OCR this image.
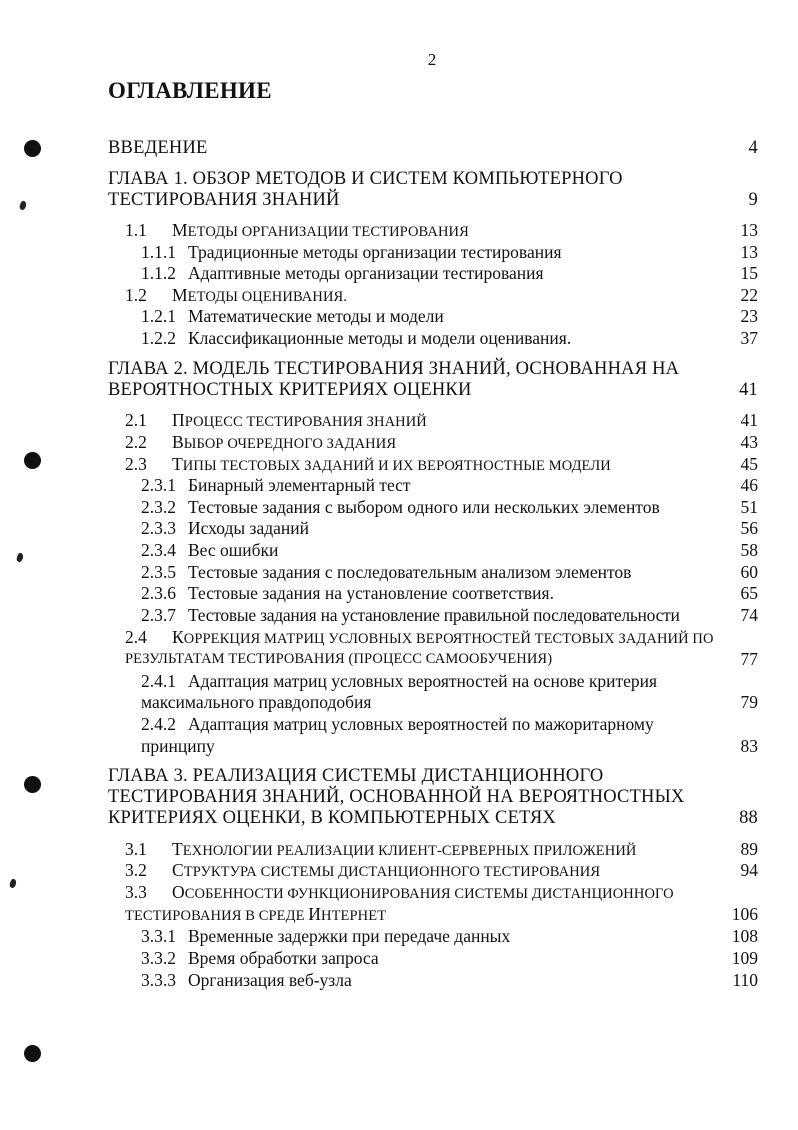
2
ОГЛАВЛЕНИЕ
ВВЕДЕНИЕ	4
ГЛАВА 1. ОБЗОР МЕТОДОВ И СИСТЕМ КОМПЬЮТЕРНОГО
ТЕСТИРОВАНИЯ ЗНАНИЙ	9
1.1 МЕТОДЫ ОРГАНИЗАЦИИ ТЕСТИРОВАНИЯ	13
1.1.1 Традиционные методы организации тестирования	13
1.1.2 Адаптивные методы организации тестирования	15
1.2 МЕТОДЫ ОЦЕНИВАНИЯ.	22
1.2.1 Математические методы и модели	23
1.2.2 Классификационные методы и модели оценивания.	37
ГЛАВА 2. МОДЕЛЬ ТЕСТИРОВАНИЯ ЗНАНИЙ, ОСНОВАННАЯ НА
ВЕРОЯТНОСТНЫХ КРИТЕРИЯХ ОЦЕНКИ	41
2.1 ПРОЦЕСС ТЕСТИРОВАНИЯ ЗНАНИЙ	41
2.2 ВЫБОР ОЧЕРЕДНОГО ЗАДАНИЯ	43
2.3 ТИПЫ ТЕСТОВЫХ ЗАДАНИЙ И ИХ ВЕРОЯТНОСТНЫЕ МОДЕЛИ	45
2.3.1 Бинарный элементарный тест	46
2.3.2 Тестовые задания с выбором одного или нескольких элементов	51
2.3.3 Исходы заданий	56
2.3.4 Вес ошибки	58
2.3.5 Тестовые задания с последовательным анализом элементов	60
2.3.6 Тестовые задания на установление соответствия.	65
2.3.7 Тестовые задания на установление правильной последовательности	74
2.4 КОРРЕКЦИЯ МАТРИЦ УСЛОВНЫХ ВЕРОЯТНОСТЕЙ ТЕСТОВЫХ ЗАДАНИЙ ПО
РЕЗУЛЬТАТАМ ТЕСТИРОВАНИЯ (ПРОЦЕСС САМООБУЧЕНИЯ)	77
2.4.1 Адаптация матриц условных вероятностей на основе критерия
максимального правдоподобия	79
2.4.2 Адаптация матриц условных вероятностей по мажоритарному
принципу	83
ГЛАВА 3. РЕАЛИЗАЦИЯ СИСТЕМЫ ДИСТАНЦИОННОГО
ТЕСТИРОВАНИЯ ЗНАНИЙ, ОСНОВАННОЙ НА ВЕРОЯТНОСТНЫХ
КРИТЕРИЯХ ОЦЕНКИ, В КОМПЬЮТЕРНЫХ СЕТЯХ	88
3.1 ТЕХНОЛОГИИ РЕАЛИЗАЦИИ КЛИЕНТ-СЕРВЕРНЫХ ПРИЛОЖЕНИЙ	89
3.2 СТРУКТУРА СИСТЕМЫ ДИСТАНЦИОННОГО ТЕСТИРОВАНИЯ	94
3.3 ОСОБЕННОСТИ ФУНКЦИОНИРОВАНИЯ СИСТЕМЫ ДИСТАНЦИОННОГО
ТЕСТИРОВАНИЯ В СРЕДЕ ИНТЕРНЕТ	106
3.3.1 Временные задержки при передаче данных	108
3.3.2 Время обработки запроса	109
3.3.3 Организация веб-узла	110
